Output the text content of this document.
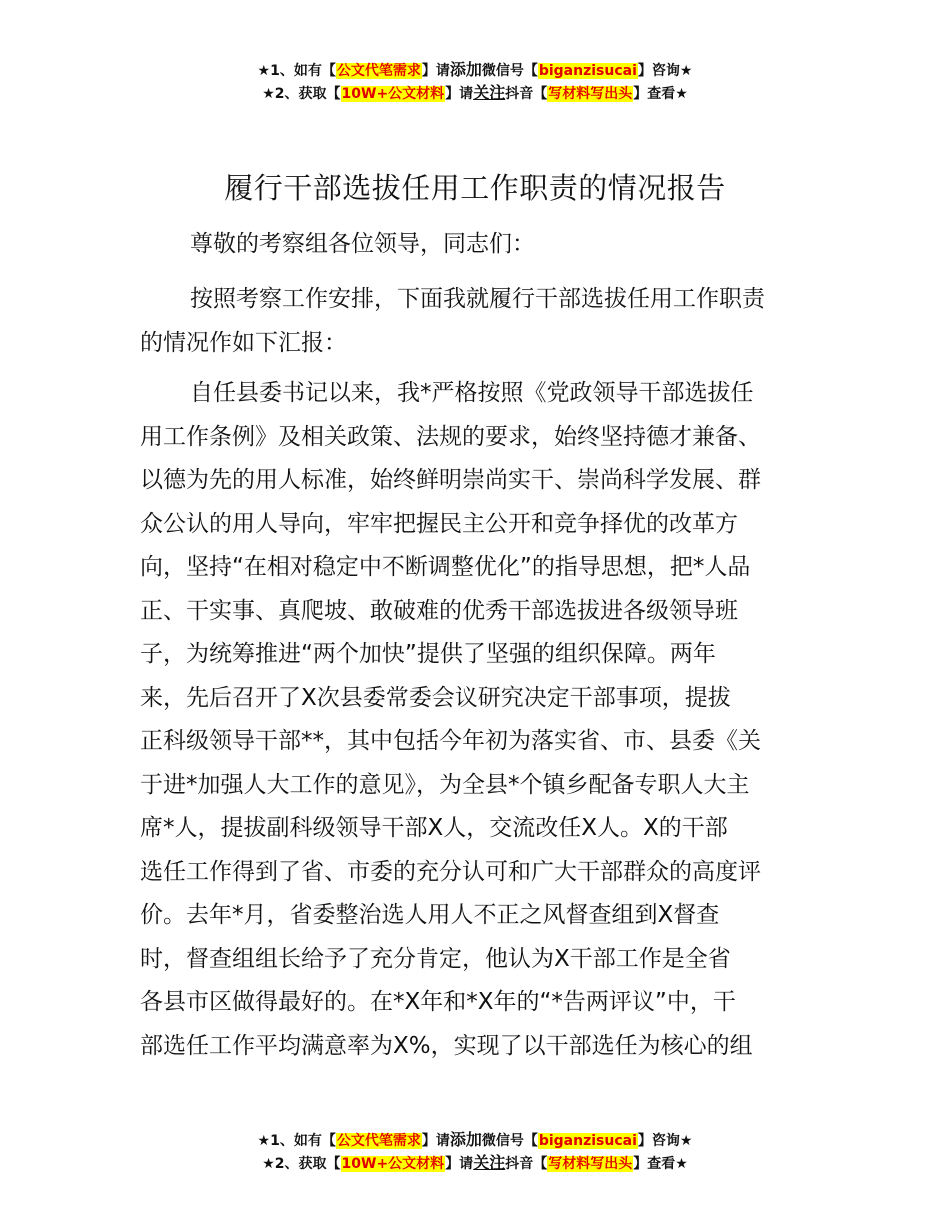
★1、如有【公文代笔需求】请添加微信号【biganzisucai】咨询★
★2、获取【10W+公文材料】请关注抖音【写材料写出头】查看★
履行干部选拔任用工作职责的情况报告
尊敬的考察组各位领导，同志们：
按照考察工作安排，下面我就履行干部选拔任用工作职责
的情况作如下汇报：
自任县委书记以来，我*严格按照《党政领导干部选拔任
用工作条例》及相关政策、法规的要求，始终坚持德才兼备、
以德为先的用人标准，始终鲜明崇尚实干、崇尚科学发展、群
众公认的用人导向，牢牢把握民主公开和竞争择优的改革方
向，坚持“在相对稳定中不断调整优化”的指导思想，把*人品
正、干实事、真爬坡、敢破难的优秀干部选拔进各级领导班
子，为统筹推进“两个加快”提供了坚强的组织保障。两年
来，先后召开了X次县委常委会议研究决定干部事项，提拔
正科级领导干部**，其中包括今年初为落实省、市、县委《关
于进*加强人大工作的意见》，为全县*个镇乡配备专职人大主
席*人，提拔副科级领导干部X人，交流改任X人。X的干部
选任工作得到了省、市委的充分认可和广大干部群众的高度评
价。去年*月，省委整治选人用人不正之风督查组到X督查
时，督查组组长给予了充分肯定，他认为X干部工作是全省
各县市区做得最好的。在*X年和*X年的“*告两评议”中，干
部选任工作平均满意率为X%，实现了以干部选任为核心的组
★1、如有【公文代笔需求】请添加微信号【biganzisucai】咨询★
★2、获取【10W+公文材料】请关注抖音【写材料写出头】查看★
